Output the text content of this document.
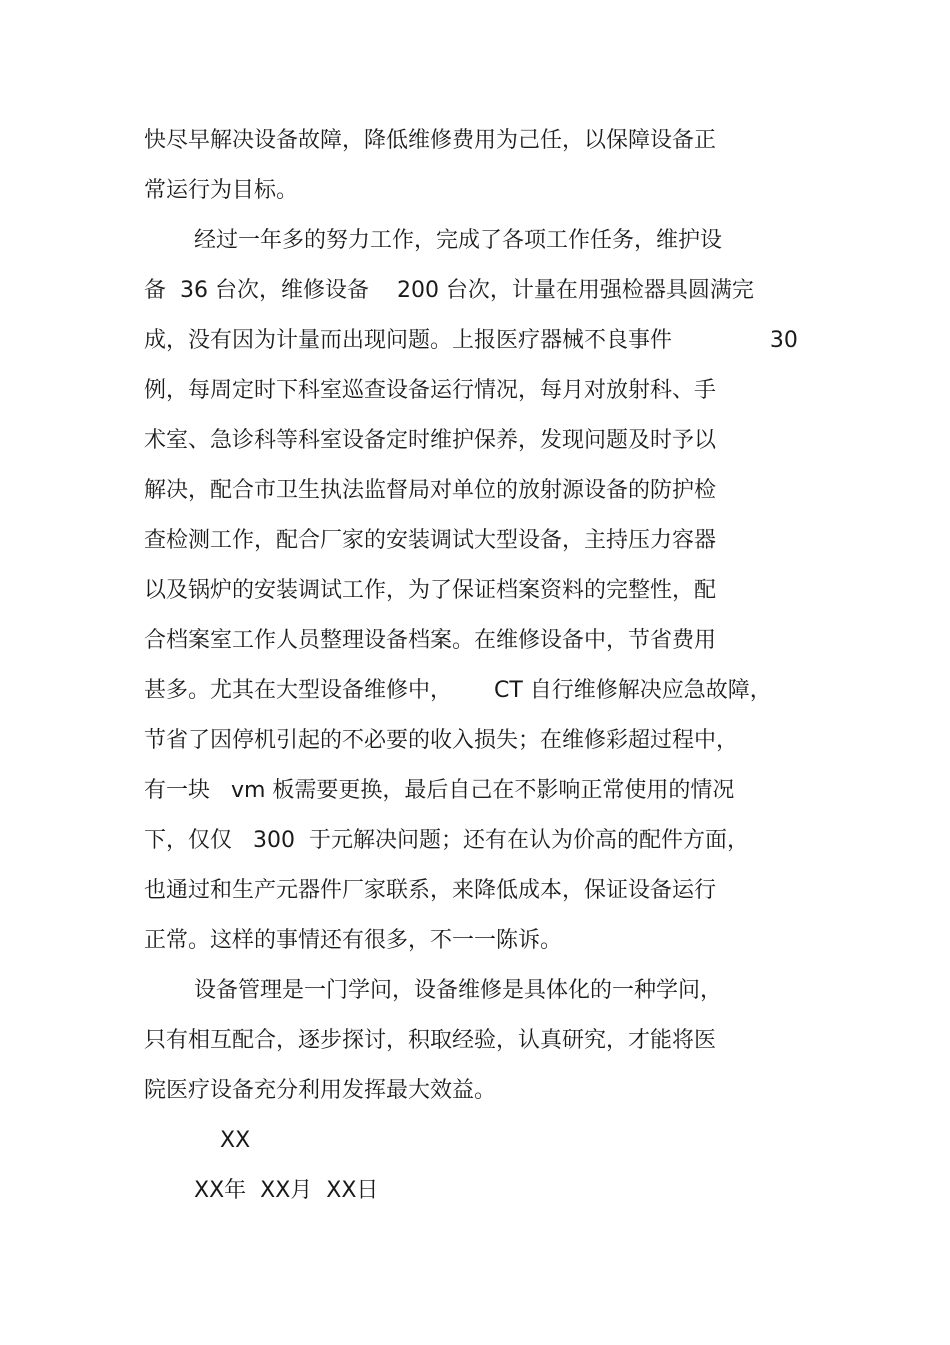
快尽早解决设备故障，降低维修费用为己任，以保障设备正
常运行为目标。
经过一年多的努力工作，完成了各项工作任务，维护设
备  36 台次，维修设备    200 台次，计量在用强检器具圆满完
成，没有因为计量而出现问题。上报医疗器械不良事件              30
例，每周定时下科室巡查设备运行情况，每月对放射科、手
术室、急诊科等科室设备定时维护保养，发现问题及时予以
解决，配合市卫生执法监督局对单位的放射源设备的防护检
查检测工作，配合厂家的安装调试大型设备，主持压力容器
以及锅炉的安装调试工作，为了保证档案资料的完整性，配
合档案室工作人员整理设备档案。在维修设备中，节省费用
甚多。尤其在大型设备维修中，      CT 自行维修解决应急故障，
节省了因停机引起的不必要的收入损失；在维修彩超过程中，
有一块   vm 板需要更换，最后自己在不影响正常使用的情况
下，仅仅   300  于元解决问题；还有在认为价高的配件方面，
也通过和生产元器件厂家联系，来降低成本，保证设备运行
正常。这样的事情还有很多，不一一陈诉。
设备管理是一门学问，设备维修是具体化的一种学问，
只有相互配合，逐步探讨，积取经验，认真研究，才能将医
院医疗设备充分利用发挥最大效益。
XX
XX年  XX月  XX日
